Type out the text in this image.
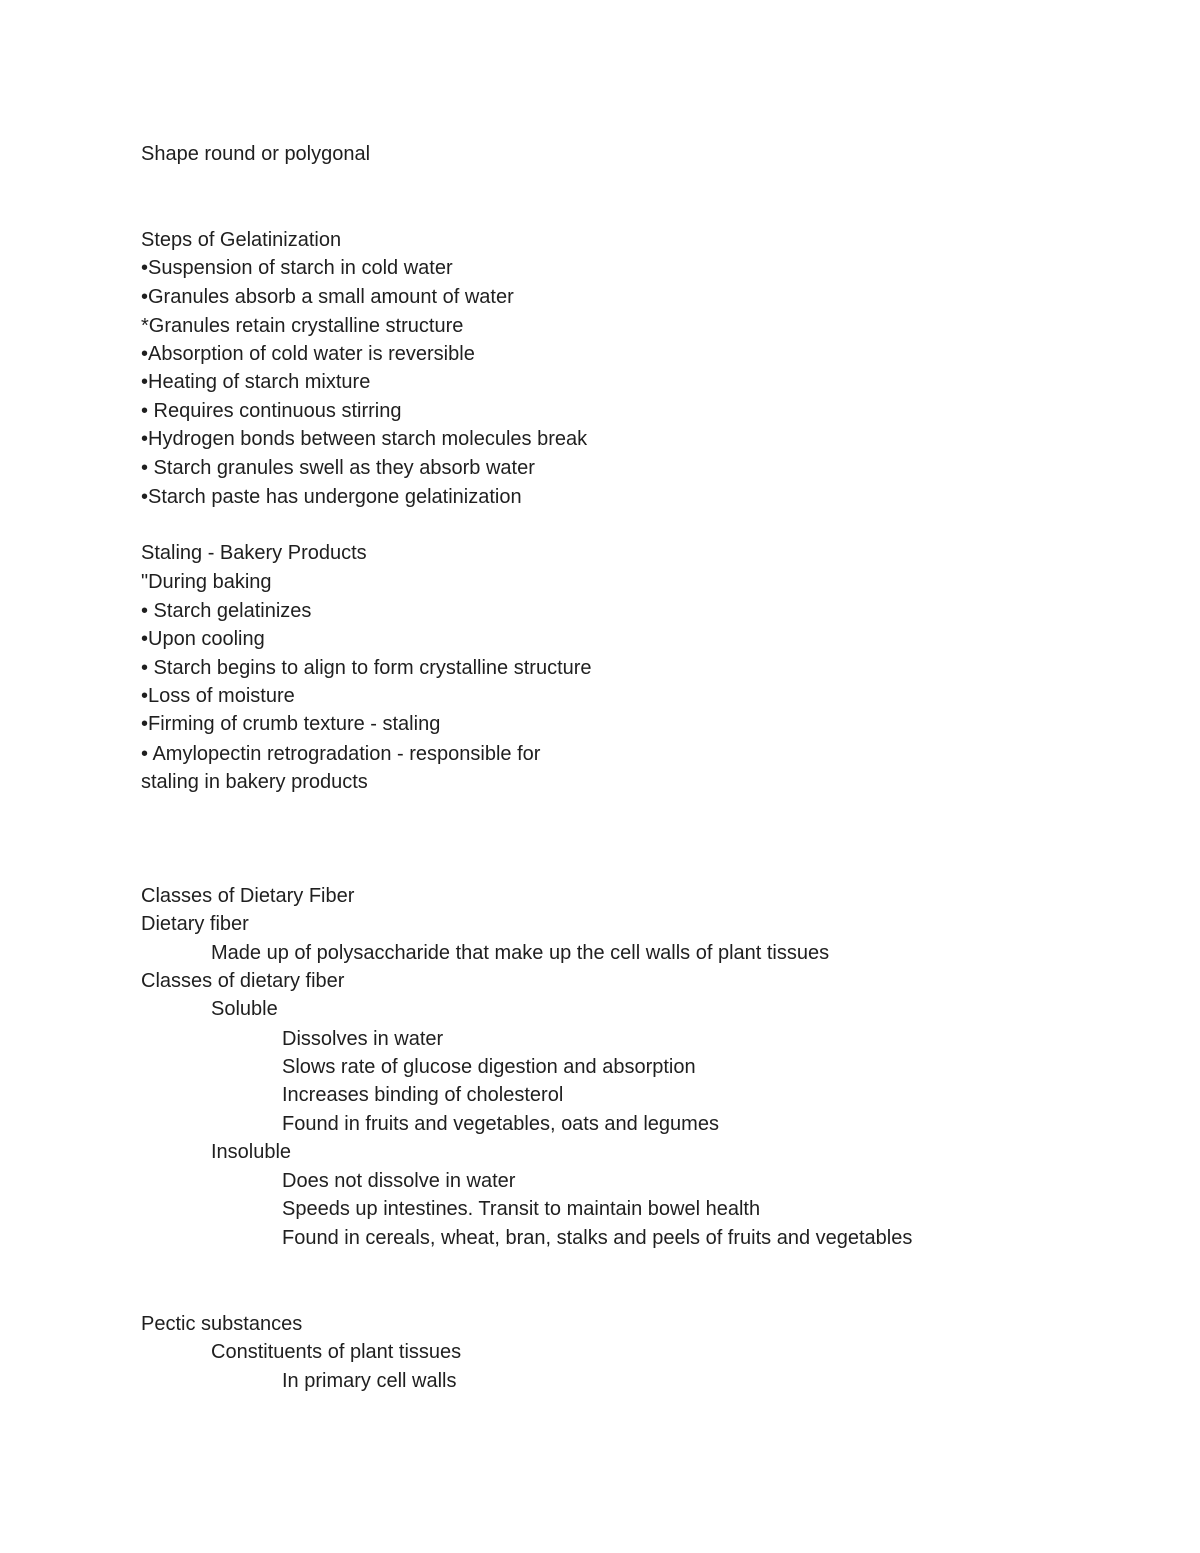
Shape round or polygonal
Steps of Gelatinization
•Suspension of starch in cold water
•Granules absorb a small amount of water
*Granules retain crystalline structure
•Absorption of cold water is reversible
•Heating of starch mixture
• Requires continuous stirring
•Hydrogen bonds between starch molecules break
• Starch granules swell as they absorb water
•Starch paste has undergone gelatinization
Staling - Bakery Products
"During baking
• Starch gelatinizes
•Upon cooling
• Starch begins to align to form crystalline structure
•Loss of moisture
•Firming of crumb texture - staling
• Amylopectin retrogradation - responsible for
staling in bakery products
Classes of Dietary Fiber
Dietary fiber
Made up of polysaccharide that make up the cell walls of plant tissues
Classes of dietary fiber
Soluble
Dissolves in water
Slows rate of glucose digestion and absorption
Increases binding of cholesterol
Found in fruits and vegetables, oats and legumes
Insoluble
Does not dissolve in water
Speeds up intestines. Transit to maintain bowel health
Found in cereals, wheat, bran, stalks and peels of fruits and vegetables
Pectic substances
Constituents of plant tissues
In primary cell walls
